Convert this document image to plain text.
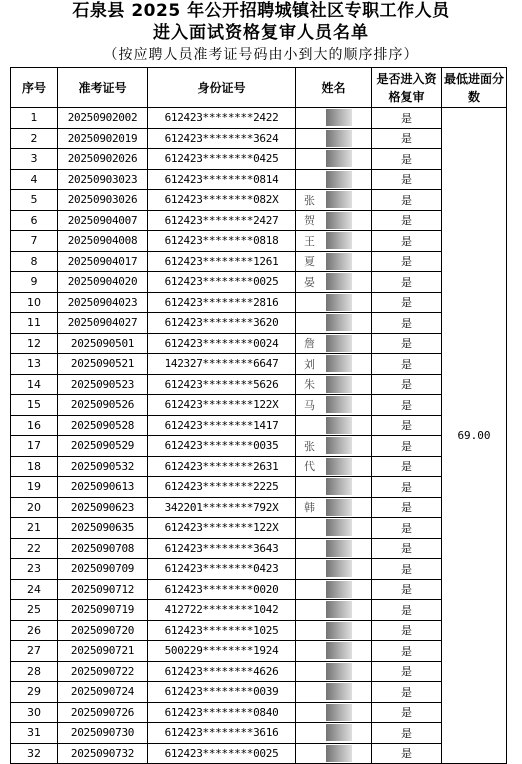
石泉县 2025 年公开招聘城镇社区专职工作人员
进入面试资格复审人员名单
（按应聘人员准考证号码由小到大的顺序排序）
序号	准考证号	身份证号	姓名	是否进入资格复审	最低进面分数
1	20250902002	612423********2422		是	69.00
2	20250902019	612423********3624		是	
3	20250902026	612423********0425		是	
4	20250903023	612423********0814		是	
5	20250903026	612423********082X	张	是	
6	20250904007	612423********2427	贺	是	
7	20250904008	612423********0818	王	是	
8	20250904017	612423********1261	夏	是	
9	20250904020	612423********0025	晏	是	
10	20250904023	612423********2816		是	
11	20250904027	612423********3620		是	
12	2025090501	612423********0024	詹	是	
13	2025090521	142327********6647	刘	是	
14	2025090523	612423********5626	朱	是	
15	2025090526	612423********122X	马	是	
16	2025090528	612423********1417		是	
17	2025090529	612423********0035	张	是	
18	2025090532	612423********2631	代	是	
19	2025090613	612423********2225		是	
20	2025090623	342201********792X	韩	是	
21	2025090635	612423********122X		是	
22	2025090708	612423********3643		是	
23	2025090709	612423********0423		是	
24	2025090712	612423********0020		是	
25	2025090719	412722********1042		是	
26	2025090720	612423********1025		是	
27	2025090721	500229********1924		是	
28	2025090722	612423********4626		是	
29	2025090724	612423********0039		是	
30	2025090726	612423********0840		是	
31	2025090730	612423********3616		是	
32	2025090732	612423********0025		是	
